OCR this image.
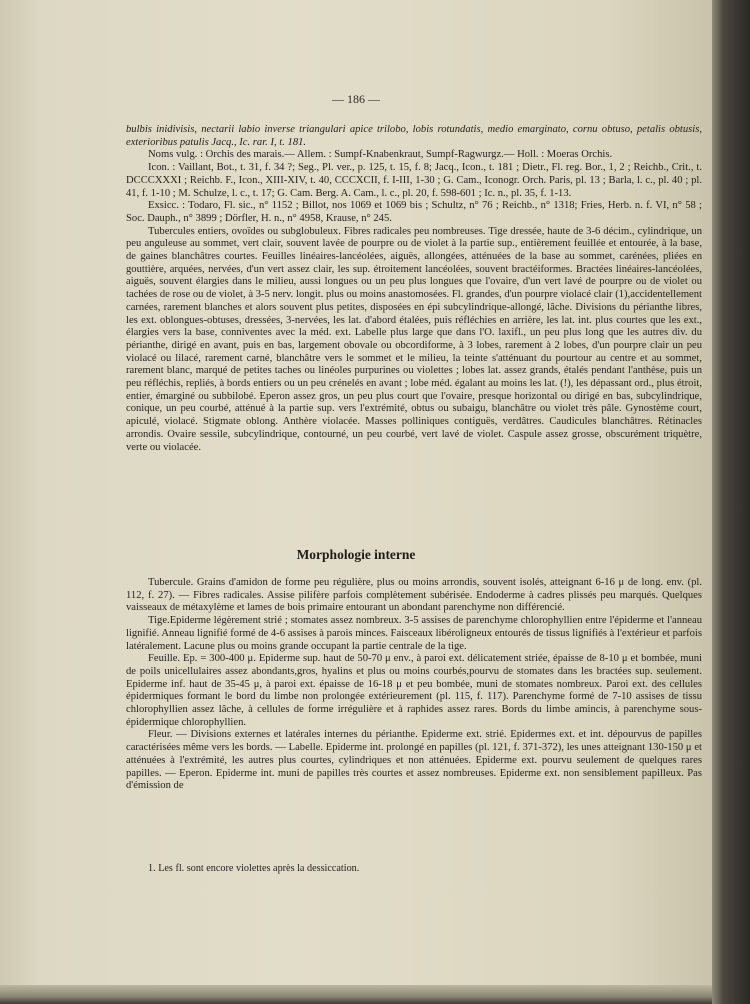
— 186 —

bulbis inidivisis, nectarii labio inverse triangulari apice trilobo, lobis rotundatis, medio emarginato, cornu obtuso, petalis obtusis, exterioribus patulis Jacq., Ic. rar. I, t. 181.

Noms vulg. : Orchis des marais.— Allem. : Sumpf-Knabenkraut, Sumpf-Ragwurgz.— Holl. : Moeras Orchis.

Icon. : Vaillant, Bot., t. 31, f. 34 ?; Seg., Pl. ver., p. 125, t. 15, f. 8; Jacq., Icon., t. 181 ; Dietr., Fl. reg. Bor., 1, 2 ; Reichb., Crit., t. DCCCXXXI ; Reichb. F., Icon., XIII-XIV, t. 40, CCCXCII, f. I-III, 1-30 ; G. Cam., Iconogr. Orch. Paris, pl. 13 ; Barla, l. c., pl. 40 ; pl. 41, f. 1-10 ; M. Schulze, l. c., t. 17; G. Cam. Berg. A. Cam., l. c., pl. 20, f. 598-601 ; Ic. n., pl. 35, f. 1-13.

Exsicc. : Todaro, Fl. sic., n° 1152 ; Billot, nos 1069 et 1069 bis ; Schultz, n° 76 ; Reichb., n° 1318; Fries, Herb. n. f. VI, n° 58 ; Soc. Dauph., n° 3899 ; Dörfler, H. n., n° 4958, Krause, n° 245.

Tubercules entiers, ovoïdes ou subglobuleux. Fibres radicales peu nombreuses. Tige dressée, haute de 3-6 décim., cylindrique, un peu anguleuse au sommet, vert clair, souvent lavée de pourpre ou de violet à la partie sup., entièrement feuillée et entourée, à la base, de gaines blanchâtres courtes. Feuilles linéaires-lancéolées, aiguës, allongées, atténuées de la base au sommet, carénées, pliées en gouttière, arquées, nervées, d'un vert assez clair, les sup. étroitement lancéolées, souvent bractéiformes. Bractées linéaires-lancéolées, aiguës, souvent élargies dans le milieu, aussi longues ou un peu plus longues que l'ovaire, d'un vert lavé de pourpre ou de violet ou tachées de rose ou de violet, à 3-5 nerv. longit. plus ou moins anastomosées. Fl. grandes, d'un pourpre violacé clair (1),accidentellement carnées, rarement blanches et alors souvent plus petites, disposées en épi subcylindrique-allongé, lâche. Divisions du périanthe libres, les ext. oblongues-obtuses, dressées, 3-nervées, les lat. d'abord étalées, puis réfléchies en arrière, les lat. int. plus courtes que les ext., élargies vers la base, conniventes avec la méd. ext. Labelle plus large que dans l'O. laxifl., un peu plus long que les autres div. du périanthe, dirigé en avant, puis en bas, largement obovale ou obcordiforme, à 3 lobes, rarement à 2 lobes, d'un pourpre clair un peu violacé ou lilacé, rarement carné, blanchâtre vers le sommet et le milieu, la teinte s'atténuant du pourtour au centre et au sommet, rarement blanc, marqué de petites taches ou linéoles purpurines ou violettes ; lobes lat. assez grands, étalés pendant l'anthèse, puis un peu réfléchis, repliés, à bords entiers ou un peu crénelés en avant ; lobe méd. égalant au moins les lat. (!), les dépassant ord., plus étroit, entier, émarginé ou subbilobé. Eperon assez gros, un peu plus court que l'ovaire, presque horizontal ou dirigé en bas, subcylindrique, conique, un peu courbé, atténué à la partie sup. vers l'extrémité, obtus ou subaigu, blanchâtre ou violet très pâle. Gynostème court, apiculé, violacé. Stigmate oblong. Anthère violacée. Masses polliniques contiguës, verdâtres. Caudicules blanchâtres. Rétinacles arrondis. Ovaire sessile, subcylindrique, contourné, un peu courbé, vert lavé de violet. Caspule assez grosse, obscurément triquètre, verte ou violacée.

Morphologie interne

Tubercule. Grains d'amidon de forme peu régulière, plus ou moins arrondis, souvent isolés, atteignant 6-16 μ de long. env. (pl. 112, f. 27). — Fibres radicales. Assise pilifère parfois complètement subérisée. Endoderme à cadres plissés peu marqués. Quelques vaisseaux de métaxylème et lames de bois primaire entourant un abondant parenchyme non différencié.

Tige.Epiderme légèrement strié ; stomates assez nombreux. 3-5 assises de parenchyme chlorophyllien entre l'épiderme et l'anneau lignifié. Anneau lignifié formé de 4-6 assises à parois minces. Faisceaux libéroligneux entourés de tissus lignifiés à l'extérieur et parfois latéralement. Lacune plus ou moins grande occupant la partie centrale de la tige.

Feuille. Ep. = 300-400 μ. Epiderme sup. haut de 50-70 μ env., à paroi ext. délicatement striée, épaisse de 8-10 μ et bombée, muni de poils unicellulaires assez abondants,gros, hyalins et plus ou moins courbés,pourvu de stomates dans les bractées sup. seulement. Epiderme inf. haut de 35-45 μ, à paroi ext. épaisse de 16-18 μ et peu bombée, muni de stomates nombreux. Paroi ext. des cellules épidermiques formant le bord du limbe non prolongée extérieurement (pl. 115, f. 117). Parenchyme formé de 7-10 assises de tissu chlorophyllien assez lâche, à cellules de forme irrégulière et à raphides assez rares. Bords du limbe amincis, à parenchyme sous-épidermique chlorophyllien.

Fleur. — Divisions externes et latérales internes du périanthe. Epiderme ext. strié. Epidermes ext. et int. dépourvus de papilles caractérisées même vers les bords. — Labelle. Epiderme int. prolongé en papilles (pl. 121, f. 371-372), les unes atteignant 130-150 μ et atténuées à l'extrémité, les autres plus courtes, cylindriques et non atténuées. Epiderme ext. pourvu seulement de quelques rares papilles. — Eperon. Epiderme int. muni de papilles très courtes et assez nombreuses. Epiderme ext. non sensiblement papilleux. Pas d'émission de

1. Les fl. sont encore violettes après la dessiccation.
